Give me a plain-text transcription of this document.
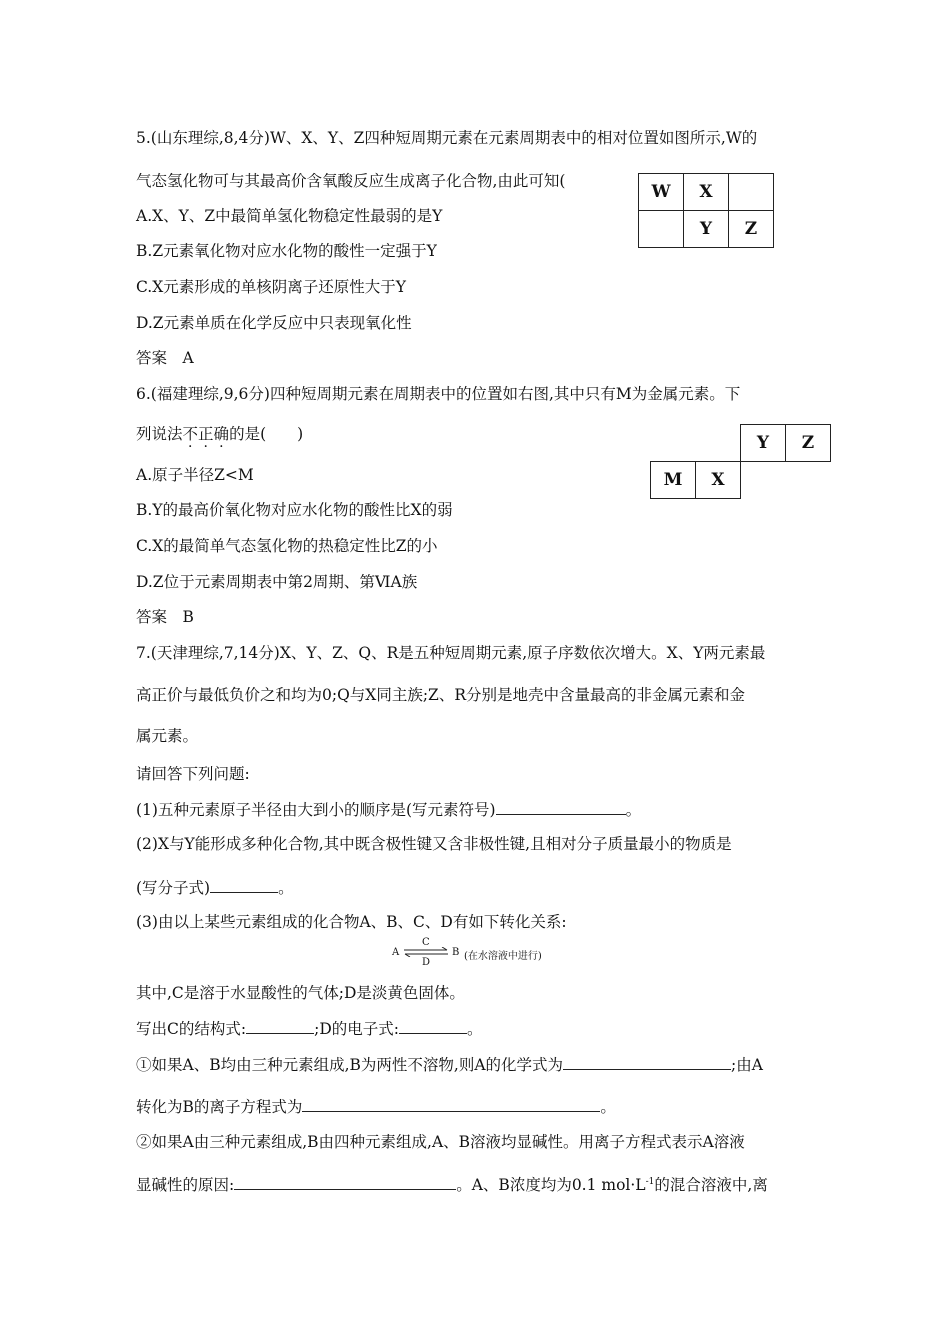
5.(山东理综,8,4分)W、X、Y、Z四种短周期元素在元素周期表中的相对位置如图所示,W的
气态氢化物可与其最高价含氧酸反应生成离子化合物,由此可知(
A.X、Y、Z中最简单氢化物稳定性最弱的是Y
B.Z元素氧化物对应水化物的酸性一定强于Y
C.X元素形成的单核阴离子还原性大于Y
D.Z元素单质在化学反应中只表现氧化性
答案　A
W	X	
	Y	Z
6.(福建理综,9,6分)四种短周期元素在周期表中的位置如右图,其中只有M为金属元素。下
列说法不正确的是(　　)
A.原子半径Z<M
B.Y的最高价氧化物对应水化物的酸性比X的弱
C.X的最简单气态氢化物的热稳定性比Z的小
D.Z位于元素周期表中第2周期、第ⅥA族
答案　B
		Y	Z
M	X		
7.(天津理综,7,14分)X、Y、Z、Q、R是五种短周期元素,原子序数依次增大。X、Y两元素最
高正价与最低负价之和均为0;Q与X同主族;Z、R分别是地壳中含量最高的非金属元素和金
属元素。
请回答下列问题:
(1)五种元素原子半径由大到小的顺序是(写元素符号)	。
(2)X与Y能形成多种化合物,其中既含极性键又含非极性键,且相对分子质量最小的物质是
(写分子式)	。
(3)由以上某些元素组成的化合物A、B、C、D有如下转化关系:
A
C
D
B (在水溶液中进行)
其中,C是溶于水显酸性的气体;D是淡黄色固体。
写出C的结构式:	;D的电子式:	。
①如果A、B均由三种元素组成,B为两性不溶物,则A的化学式为	;由A
转化为B的离子方程式为	。
②如果A由三种元素组成,B由四种元素组成,A、B溶液均显碱性。用离子方程式表示A溶液
显碱性的原因:	。A、B浓度均为0.1 $mol\cdot L^{-1}$的混合溶液中,离
